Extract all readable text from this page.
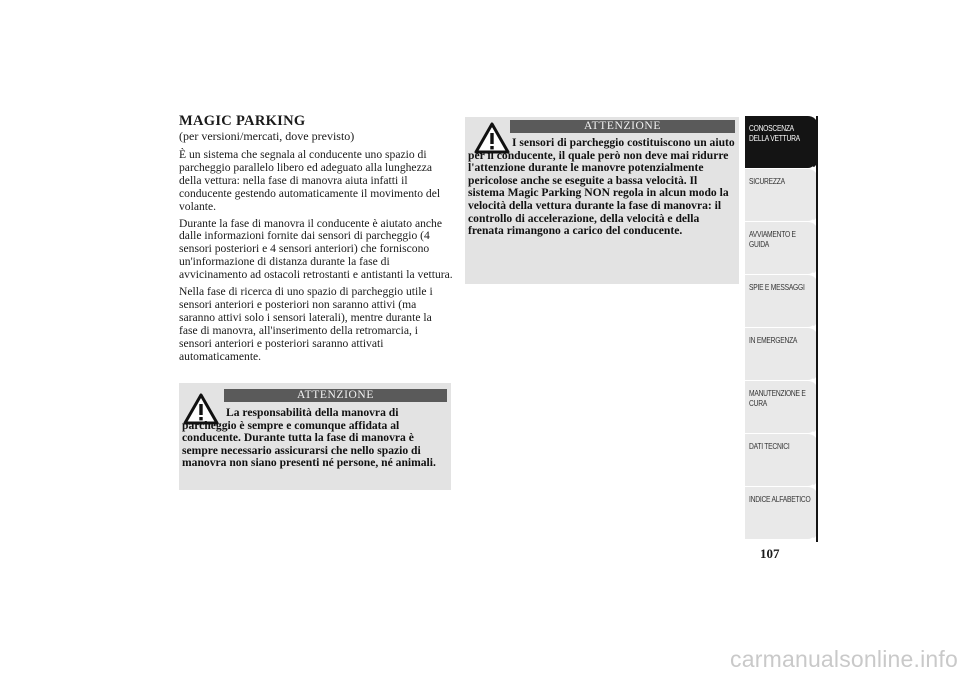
MAGIC PARKING

(per versioni/mercati, dove previsto)

È un sistema che segnala al conducente uno spazio di parcheggio parallelo libero ed adeguato alla lunghezza della vettura: nella fase di manovra aiuta infatti il conducente gestendo automaticamente il movimento del volante.

Durante la fase di manovra il conducente è aiutato anche dalle informazioni fornite dai sensori di parcheggio (4 sensori posteriori e 4 sensori anteriori) che forniscono un'informazione di distanza durante la fase di avvicinamento ad ostacoli retrostanti e antistanti la vettura.

Nella fase di ricerca di uno spazio di parcheggio utile i sensori anteriori e posteriori non saranno attivi (ma saranno attivi solo i sensori laterali), mentre durante la fase di manovra, all'inserimento della retromarcia, i sensori anteriori e posteriori saranno attivati automaticamente.

ATTENZIONE
La responsabilità della manovra di parcheggio è sempre e comunque affidata al conducente. Durante tutta la fase di manovra è sempre necessario assicurarsi che nello spazio di manovra non siano presenti né persone, né animali.
ATTENZIONE
I sensori di parcheggio costituiscono un aiuto per il conducente, il quale però non deve mai ridurre l'attenzione durante le manovre potenzialmente pericolose anche se eseguite a bassa velocità. Il sistema Magic Parking NON regola in alcun modo la velocità della vettura durante la fase di manovra: il controllo di accelerazione, della velocità e della frenata rimangono a carico del conducente.
CONOSCENZA DELLA VETTURA
SICUREZZA
AVVIAMENTO E GUIDA
SPIE E MESSAGGI
IN EMERGENZA
MANUTENZIONE E CURA
DATI TECNICI
INDICE ALFABETICO
107
carmanualsonline.info
